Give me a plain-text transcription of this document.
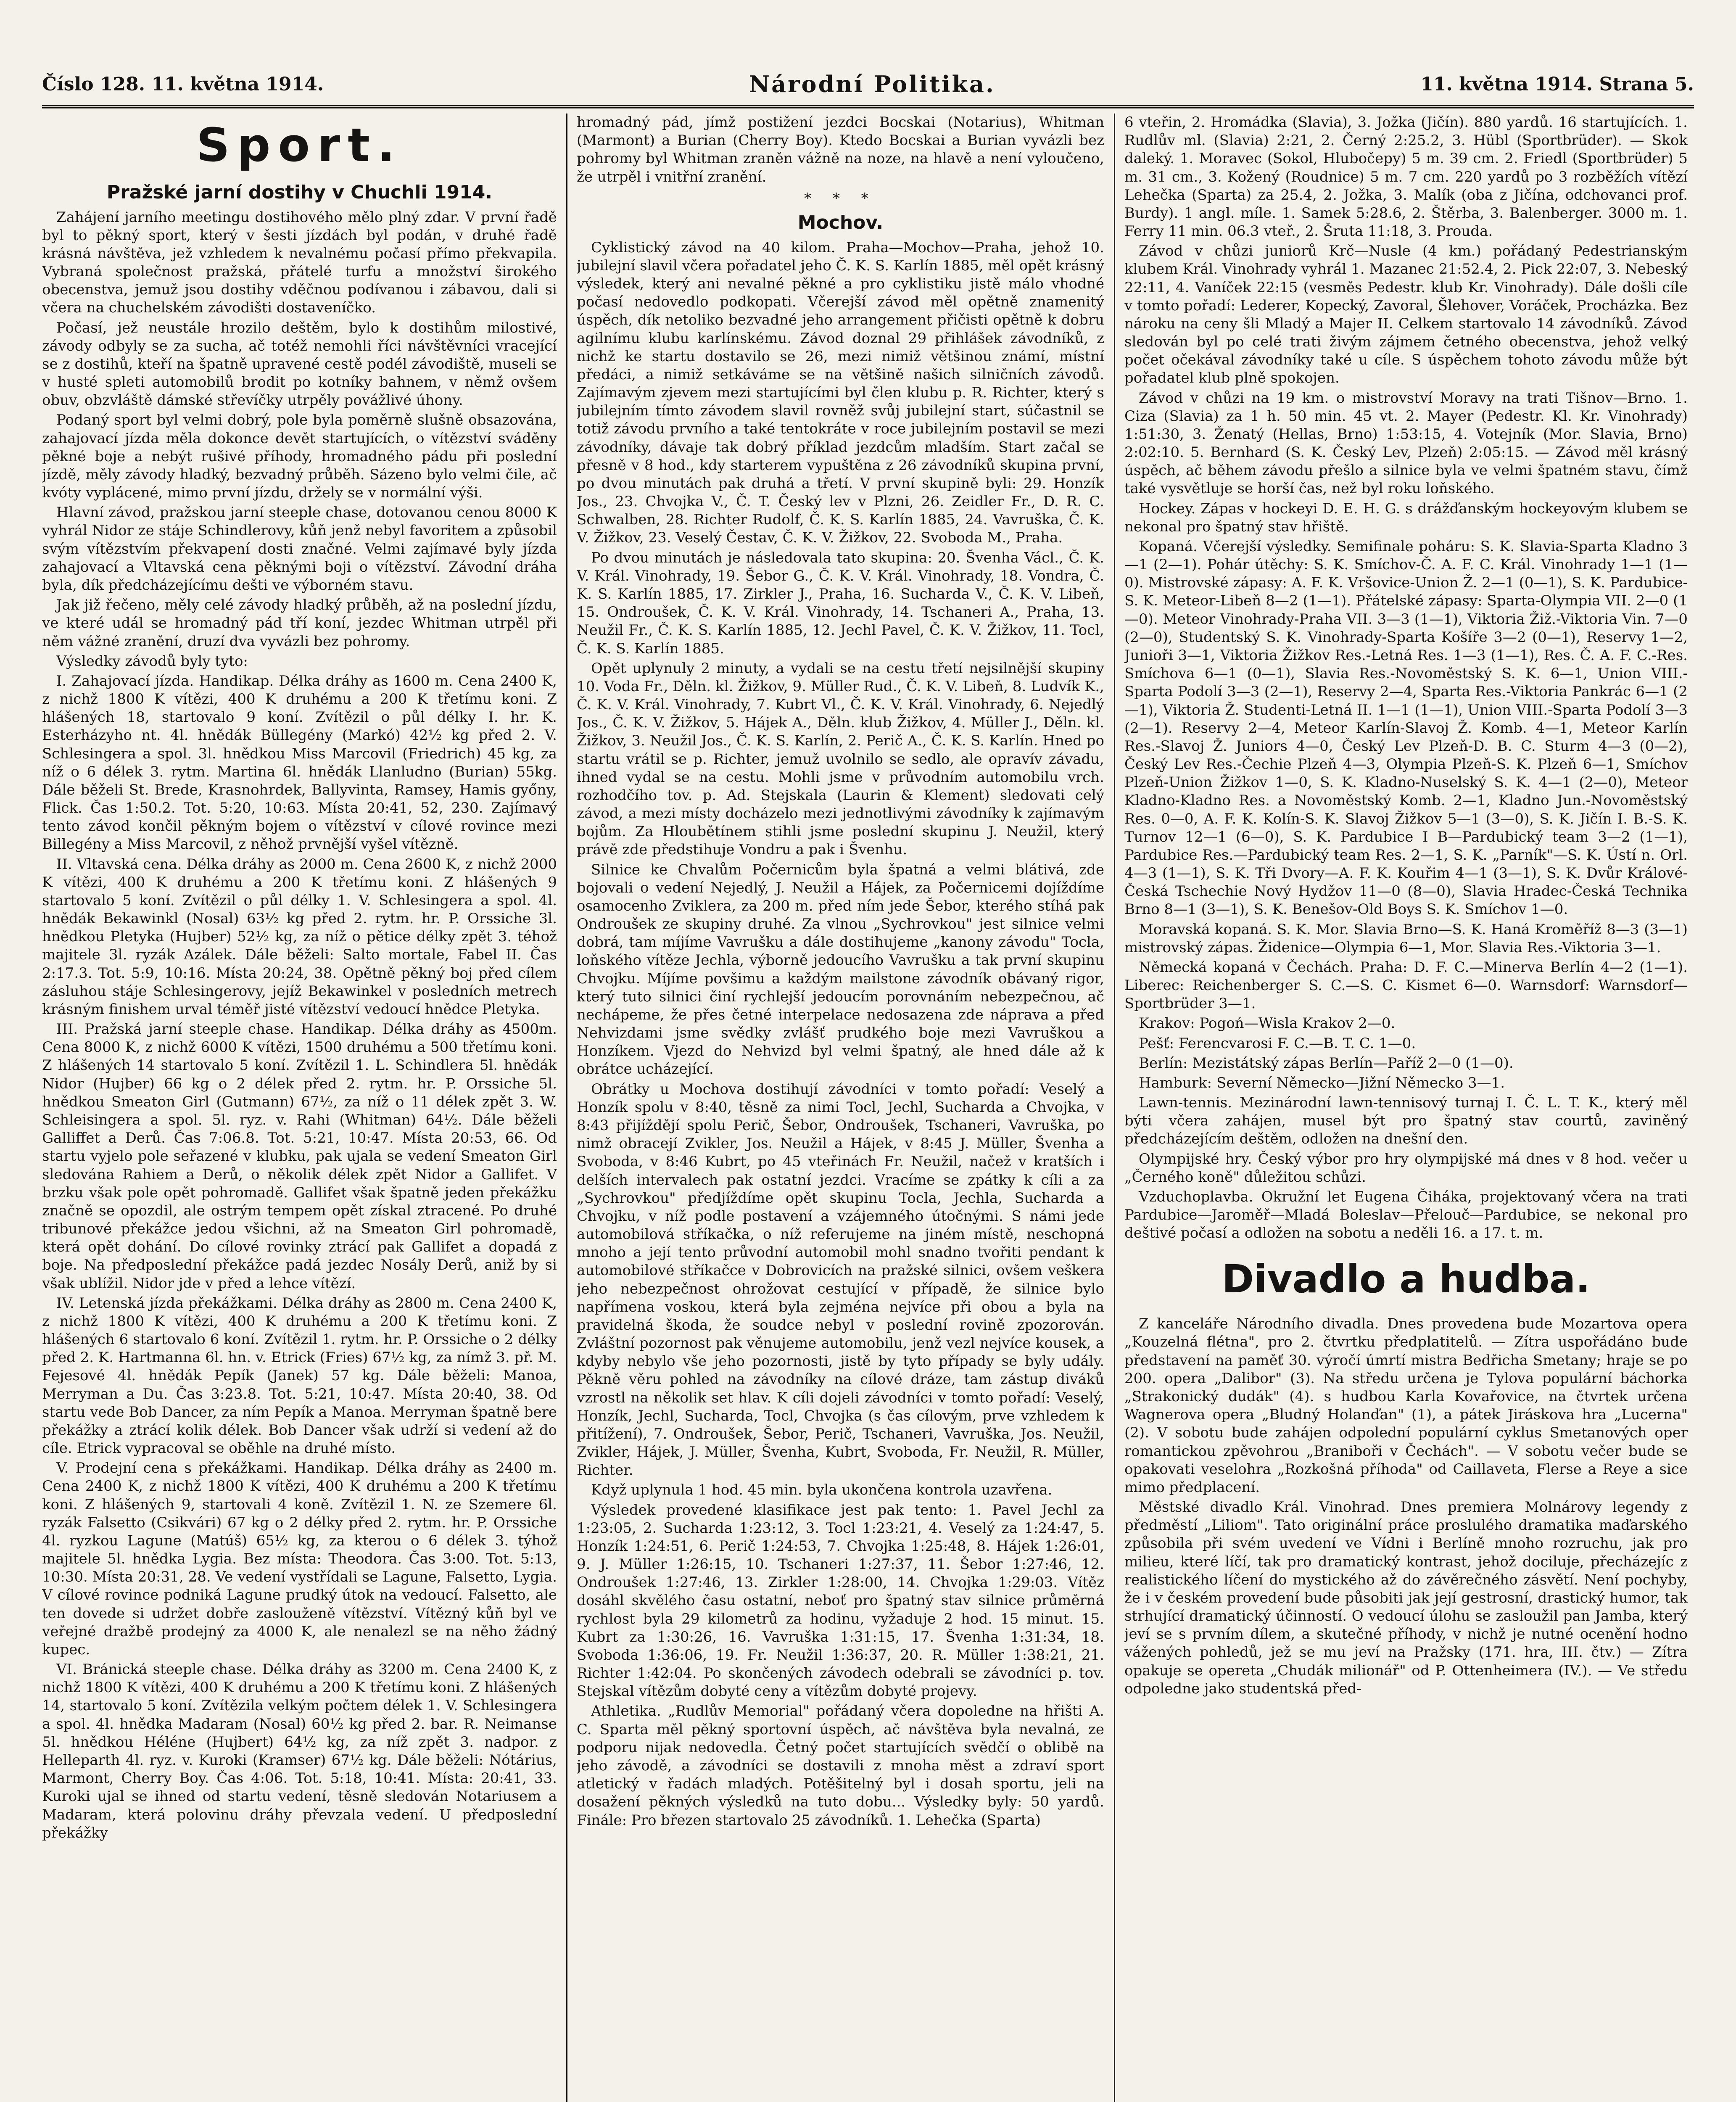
Číslo 128. 11. května 1914.	Národní Politika.	11. května 1914. Strana 5.
Sport.
Pražské jarní dostihy v Chuchli 1914.

Zahájení jarního meetingu dostihového mělo plný zdar. V první řadě byl to pěkný sport, který v šesti jízdách byl podán, v druhé řadě krásná návštěva, jež vzhledem k nevalnému počasí přímo překvapila. Vybraná společnost pražská, přátelé turfu a množství širokého obecenstva, jemuž jsou dostihy vděčnou podívanou i zábavou, dali si včera na chuchelském závodišti dostaveníčko.

Počasí, jež neustále hrozilo deštěm, bylo k dostihům milostivé, závody odbyly se za sucha, ač totéž nemohli říci návštěvníci vracející se z dostihů, kteří na špatně upravené cestě podél závodiště, museli se v husté spleti automobilů brodit po kotníky bahnem, v němž ovšem obuv, obzvláště dámské střevíčky utrpěly povážlivé úhony.

Podaný sport byl velmi dobrý, pole byla poměrně slušně obsazována, zahajovací jízda měla dokonce devět startujících, o vítězství sváděny pěkné boje a nebýt rušivé příhody, hromadného pádu při poslední jízdě, měly závody hladký, bezvadný průběh. Sázeno bylo velmi čile, ač kvóty vyplácené, mimo první jízdu, držely se v normální výši.

Hlavní závod, pražskou jarní steeple chase, dotovanou cenou 8000 K vyhrál Nidor ze stáje Schindlerovy, kůň jenž nebyl favoritem a způsobil svým vítězstvím překvapení dosti značné. Velmi zajímavé byly jízda zahajovací a Vltavská cena pěknými boji o vítězství. Závodní dráha byla, dík předcházejícímu dešti ve výborném stavu.

Jak již řečeno, měly celé závody hladký průběh, až na poslední jízdu, ve které udál se hromadný pád tří koní, jezdec Whitman utrpěl při něm vážné zranění, druzí dva vyvázli bez pohromy.

Výsledky závodů byly tyto:

I. Zahajovací jízda. Handikap. Délka dráhy as 1600 m. Cena 2400 K, z nichž 1800 K vítězi, 400 K druhému a 200 K třetímu koni. Z hlášených 18, startovalo 9 koní. Zvítězil o půl délky I. hr. K. Esterházyho nt. 4l. hnědák Büllegény (Markó) 42½ kg před 2. V. Schlesingera a spol. 3l. hnědkou Miss Marcovil (Friedrich) 45 kg, za níž o 6 délek 3. rytm. Martina 6l. hnědák Llanludno (Burian) 55kg. Dále běželi St. Brede, Krasnohrdek, Ballyvinta, Ramsey, Hamis győny, Flick. Čas 1:50.2. Tot. 5:20, 10:63. Místa 20:41, 52, 230. Zajímavý tento závod končil pěkným bojem o vítězství v cílové rovince mezi Billegény a Miss Marcovil, z něhož prvnější vyšel vítězně.

II. Vltavská cena. Délka dráhy as 2000 m. Cena 2600 K, z nichž 2000 K vítězi, 400 K druhému a 200 K třetímu koni. Z hlášených 9 startovalo 5 koní. Zvítězil o půl délky 1. V. Schlesingera a spol. 4l. hnědák Bekawinkl (Nosal) 63½ kg před 2. rytm. hr. P. Orssiche 3l. hnědkou Pletyka (Hujber) 52½ kg, za níž o pětice délky zpět 3. téhož majitele 3l. ryzák Azálek. Dále běželi: Salto mortale, Fabel II. Čas 2:17.3. Tot. 5:9, 10:16. Místa 20:24, 38. Opětně pěkný boj před cílem zásluhou stáje Schlesingerovy, jejíž Bekawinkel v posledních metrech krásným finishem urval téměř jisté vítězství vedoucí hnědce Pletyka.

III. Pražská jarní steeple chase. Handikap. Délka dráhy as 4500m. Cena 8000 K, z nichž 6000 K vítězi, 1500 druhému a 500 třetímu koni. Z hlášených 14 startovalo 5 koní. Zvítězil 1. L. Schindlera 5l. hnědák Nidor (Hujber) 66 kg o 2 délek před 2. rytm. hr. P. Orssiche 5l. hnědkou Smeaton Girl (Gutmann) 67½, za níž o 11 délek zpět 3. W. Schleisingera a spol. 5l. ryz. v. Rahi (Whitman) 64½. Dále běželi Galliffet a Derů. Čas 7:06.8. Tot. 5:21, 10:47. Místa 20:53, 66. Od startu vyjelo pole seřazené v klubku, pak ujala se vedení Smeaton Girl sledována Rahiem a Derů, o několik délek zpět Nidor a Gallifet. V brzku však pole opět pohromadě. Gallifet však špatně jeden překážku značně se opozdil, ale ostrým tempem opět získal ztracené. Po druhé tribunové překážce jedou všichni, až na Smeaton Girl pohromadě, která opět dohání. Do cílové rovinky ztrácí pak Gallifet a dopadá z boje. Na předposlední překážce padá jezdec Nosály Derů, aniž by si však ublížil. Nidor jde v před a lehce vítězí.

IV. Letenská jízda překážkami. Délka dráhy as 2800 m. Cena 2400 K, z nichž 1800 K vítězi, 400 K druhému a 200 K třetímu koni. Z hlášených 6 startovalo 6 koní. Zvítězil 1. rytm. hr. P. Orssiche o 2 délky před 2. K. Hartmanna 6l. hn. v. Etrick (Fries) 67½ kg, za nímž 3. př. M. Fejesové 4l. hnědák Pepík (Janek) 57 kg. Dále běželi: Manoa, Merryman a Du. Čas 3:23.8. Tot. 5:21, 10:47. Místa 20:40, 38. Od startu vede Bob Dancer, za ním Pepík a Manoa. Merryman špatně bere překážky a ztrácí kolik délek. Bob Dancer však udrží si vedení až do cíle. Etrick vypracoval se oběhle na druhé místo.

V. Prodejní cena s překážkami. Handikap. Délka dráhy as 2400 m. Cena 2400 K, z nichž 1800 K vítězi, 400 K druhému a 200 K třetímu koni. Z hlášených 9, startovali 4 koně. Zvítězil 1. N. ze Szemere 6l. ryzák Falsetto (Csikvári) 67 kg o 2 délky před 2. rytm. hr. P. Orssiche 4l. ryzkou Lagune (Matúš) 65½ kg, za kterou o 6 délek 3. týhož majitele 5l. hnědka Lygia. Bez místa: Theodora. Čas 3:00. Tot. 5:13, 10:30. Místa 20:31, 28. Ve vedení vystřídali se Lagune, Falsetto, Lygia. V cílové rovince podniká Lagune prudký útok na vedoucí. Falsetto, ale ten dovede si udržet dobře zaslouženě vítězství. Vítězný kůň byl ve veřejné dražbě prodejný za 4000 K, ale nenalezl se na něho žádný kupec.

VI. Bránická steeple chase. Délka dráhy as 3200 m. Cena 2400 K, z nichž 1800 K vítězi, 400 K druhému a 200 K třetímu koni. Z hlášených 14, startovalo 5 koní. Zvítězila velkým počtem délek 1. V. Schlesingera a spol. 4l. hnědka Madaram (Nosal) 60½ kg před 2. bar. R. Neimanse 5l. hnědkou Héléne (Hujbert) 64½ kg, za níž zpět 3. nadpor. z Helleparth 4l. ryz. v. Kuroki (Kramser) 67½ kg. Dále běželi: Nótárius, Marmont, Cherry Boy. Čas 4:06. Tot. 5:18, 10:41. Místa: 20:41, 33. Kuroki ujal se ihned od startu vedení, těsně sledován Notariusem a Madaram, která polovinu dráhy převzala vedení. U předposlední překážky

hromadný pád, jímž postižení jezdci Bocskai (Notarius), Whitman (Marmont) a Burian (Cherry Boy). Ktedo Bocskai a Burian vyvázli bez pohromy byl Whitman zraněn vážně na noze, na hlavě a není vyloučeno, že utrpěl i vnitřní zranění.

* * *
Mochov.

Cyklistický závod na 40 kilom. Praha—Mochov—Praha, jehož 10. jubilejní slavil včera pořadatel jeho Č. K. S. Karlín 1885, měl opět krásný výsledek, který ani nevalné pěkné a pro cyklistiku jistě málo vhodné počasí nedovedlo podkopati. Včerejší závod měl opětně znamenitý úspěch, dík netoliko bezvadné jeho arrangement přičisti opětně k dobru agilnímu klubu karlínskému. Závod doznal 29 přihlášek závodníků, z nichž ke startu dostavilo se 26, mezi nimiž většinou známí, místní předáci, a nimiž setkáváme se na většině našich silničních závodů. Zajímavým zjevem mezi startujícími byl člen klubu p. R. Richter, který s jubilejním tímto závodem slavil rovněž svůj jubilejní start, súčastnil se totiž závodu prvního a také tentokráte v roce jubilejním postavil se mezi závodníky, dávaje tak dobrý příklad jezdcům mladším. Start začal se přesně v 8 hod., kdy starterem vypuštěna z 26 závodníků skupina první, po dvou minutách pak druhá a třetí. V první skupině byli: 29. Honzík Jos., 23. Chvojka V., Č. T. Český lev v Plzni, 26. Zeidler Fr., D. R. C. Schwalben, 28. Richter Rudolf, Č. K. S. Karlín 1885, 24. Vavruška, Č. K. V. Žižkov, 23. Veselý Čestav, Č. K. V. Žižkov, 22. Svoboda M., Praha.

Po dvou minutách je následovala tato skupina: 20. Švenha Václ., Č. K. V. Král. Vinohrady, 19. Šebor G., Č. K. V. Král. Vinohrady, 18. Vondra, Č. K. S. Karlín 1885, 17. Zirkler J., Praha, 16. Suchardа V., Č. K. V. Libeň, 15. Ondroušek, Č. K. V. Král. Vinohrady, 14. Tschaneri A., Praha, 13. Neužil Fr., Č. K. S. Karlín 1885, 12. Jechl Pavel, Č. K. V. Žižkov, 11. Tocl, Č. K. S. Karlín 1885.

Opět uplynuly 2 minuty, a vydali se na cestu třetí nejsilnější skupiny 10. Voda Fr., Děln. kl. Žižkov, 9. Müller Rud., Č. K. V. Libeň, 8. Ludvík K., Č. K. V. Král. Vinohrady, 7. Kubrt Vl., Č. K. V. Král. Vinohrady, 6. Nejedlý Jos., Č. K. V. Žižkov, 5. Hájek A., Děln. klub Žižkov, 4. Müller J., Děln. kl. Žižkov, 3. Neužil Jos., Č. K. S. Karlín, 2. Perič A., Č. K. S. Karlín. Hned po startu vrátil se p. Richter, jemuž uvolnilo se sedlo, ale opravív závadu, ihned vydal se na cestu. Mohli jsme v průvodním automobilu vrch. rozhodčího tov. p. Ad. Stejskala (Laurin & Klement) sledovati celý závod, a mezi místy docházelo mezi jednotlivými závodníky k zajímavým bojům. Za Hloubětínem stihli jsme poslední skupinu J. Neužil, který právě zde předstihuje Vondru a pak i Švenhu.

Silnice ke Chvalům Počernicům byla špatná a velmi blátivá, zde bojovali o vedení Nejedlý, J. Neužil a Hájek, za Počernicemi dojíždíme osamocenho Zviklera, za 200 m. před ním jede Šebor, kterého stíhá pak Ondroušek ze skupiny druhé. Za vlnou „Sychrovkou" jest silnice velmi dobrá, tam míjíme Vavrušku a dále dostihujeme „kanony závodu" Tocla, loňského vítěze Jechla, výborně jedoucího Vavrušku a tak první skupinu Chvojku. Míjíme povšimu a každým mailstone závodník obávaný rigor, který tuto silnici činí rychlejší jedoucím porovnáním nebezpečnou, ač nechápeme, že přes četné interpelace nedosazena zde náprava a před Nehvizdami jsme svědky zvlášť prudkého boje mezi Vavruškou a Honzíkem. Vjezd do Nehvizd byl velmi špatný, ale hned dále až k obrátce ucházející.

Obrátky u Mochova dostihují závodníci v tomto pořadí: Veselý a Honzík spolu v 8:40, těsně za nimi Tocl, Jechl, Sucharda a Chvojka, v 8:43 přijíždějí spolu Perič, Šebor, Ondroušek, Tschaneri, Vavruška, po nimž obracejí Zvikler, Jos. Neužil a Hájek, v 8:45 J. Müller, Švenha a Svoboda, v 8:46 Kubrt, po 45 vteřinách Fr. Neužil, načež v kratších i delších intervalech pak ostatní jezdci. Vracíme se zpátky k cíli a za „Sychrovkou" předjíždíme opět skupinu Tocla, Jechla, Sucharda a Chvojku, v níž podle postavení a vzájemného útočnými. S námi jede automobilová stříkačka, o níž referujeme na jiném místě, neschopná mnoho a její tento průvodní automobil mohl snadno tvořiti pendant k automobilové stříkačce v Dobrovicích na pražské silnici, ovšem veškera jeho nebezpečnost ohrožovat cestující v případě, že silnice bylo napřímena voskou, která byla zejména nejvíce při obou a byla na pravidelná škoda, že soudce nebyl v poslední rovině zpozorován. Zvláštní pozornost pak věnujeme automobilu, jenž vezl nejvíce kousek, a kdyby nebylo vše jeho pozornosti, jistě by tyto případy se byly udály. Pěkně věru pohled na závodníky na cílové dráze, tam zástup diváků vzrostl na několik set hlav. K cíli dojeli závodníci v tomto pořadí: Veselý, Honzík, Jechl, Sucharda, Tocl, Chvojka (s čas cílovým, prve vzhledem k přitížení), 7. Ondroušek, Šebor, Perič, Tschaneri, Vavruška, Jos. Neužil, Zvikler, Hájek, J. Müller, Švenha, Kubrt, Svoboda, Fr. Neužil, R. Müller, Richter.

Když uplynula 1 hod. 45 min. byla ukončena kontrola uzavřena.

Výsledek provedené klasifikace jest pak tento: 1. Pavel Jechl za 1:23:05, 2. Sucharda 1:23:12, 3. Tocl 1:23:21, 4. Veselý za 1:24:47, 5. Honzík 1:24:51, 6. Perič 1:24:53, 7. Chvojka 1:25:48, 8. Hájek 1:26:01, 9. J. Müller 1:26:15, 10. Tschaneri 1:27:37, 11. Šebor 1:27:46, 12. Ondroušek 1:27:46, 13. Zirkler 1:28:00, 14. Chvojka 1:29:03. Vítěz dosáhl skvělého času ostatní, neboť pro špatný stav silnice průměrná rychlost byla 29 kilometrů za hodinu, vyžaduje 2 hod. 15 minut. 15. Kubrt za 1:30:26, 16. Vavruška 1:31:15, 17. Švenha 1:31:34, 18. Svoboda 1:36:06, 19. Fr. Neužil 1:36:37, 20. R. Müller 1:38:21, 21. Richter 1:42:04. Po skončených závodech odebrali se závodníci p. tov. Stejskal vítězům dobyté ceny a vítězům dobyté projevy.

Athletika. „Rudlův Memorial" pořádaný včera dopoledne na hřišti A. C. Sparta měl pěkný sportovní úspěch, ač návštěva byla nevalná, ze podporu nijak nedovedla. Četný počet startujících svědčí o oblibě na jeho závodě, a závodníci se dostavili z mnoha měst a zdraví sport atletický v řadách mladých. Potěšitelný byl i dosah sportu, jeli na dosažení pěkných výsledků na tuto dobu... Výsledky byly: 50 yardů. Finále: Pro březen startovalo 25 závodníků. 1. Lehečka (Sparta)

6 vteřin, 2. Hromádka (Slavia), 3. Jožka (Jičín). 880 yardů. 16 startujících. 1. Rudlův ml. (Slavia) 2:21, 2. Černý 2:25.2, 3. Hübl (Sportbrüder). — Skok daleký. 1. Moravec (Sokol, Hlubočepy) 5 m. 39 cm. 2. Friedl (Sportbrüder) 5 m. 31 cm., 3. Kožený (Roudnice) 5 m. 7 cm. 220 yardů po 3 rozběžích vítězí Lehečka (Sparta) za 25.4, 2. Jožka, 3. Malík (oba z Jičína, odchovanci prof. Burdy). 1 angl. míle. 1. Samek 5:28.6, 2. Štěrba, 3. Balenberger. 3000 m. 1. Ferry 11 min. 06.3 vteř., 2. Šruta 11:18, 3. Prouda.

Závod v chůzi juniorů Krč—Nusle (4 km.) pořádaný Pedestrianským klubem Král. Vinohrady vyhrál 1. Mazanec 21:52.4, 2. Pick 22:07, 3. Nebeský 22:11, 4. Vaníček 22:15 (vesměs Pedestr. klub Kr. Vinohrady). Dále došli cíle v tomto pořadí: Lederer, Kopecký, Zavoral, Šlehover, Voráček, Procházka. Bez nároku na ceny šli Mladý a Majer II. Celkem startovalo 14 závodníků. Závod sledován byl po celé trati živým zájmem četného obecenstva, jehož velký počet očekával závodníky také u cíle. S úspěchem tohoto závodu může být pořadatel klub plně spokojen.

Závod v chůzi na 19 km. o mistrovství Moravy na trati Tišnov—Brno. 1. Ciza (Slavia) za 1 h. 50 min. 45 vt. 2. Mayer (Pedestr. Kl. Kr. Vinohrady) 1:51:30, 3. Ženatý (Hellas, Brno) 1:53:15, 4. Votejník (Mor. Slavia, Brno) 2:02:10. 5. Bernhard (S. K. Český Lev, Plzeň) 2:05:15. — Závod měl krásný úspěch, ač během závodu přešlo a silnice byla ve velmi špatném stavu, čímž také vysvětluje se horší čas, než byl roku loňského.

Hockey. Zápas v hockeyi D. E. H. G. s drážďanským hockeyovým klubem se nekonal pro špatný stav hřiště.

Kopaná. Včerejší výsledky. Semifinale poháru: S. K. Slavia-Sparta Kladno 3—1 (2—1). Pohár útěchy: S. K. Smíchov-Č. A. F. C. Král. Vinohrady 1—1 (1—0). Mistrovské zápasy: A. F. K. Vršovice-Union Ž. 2—1 (0—1), S. K. Pardubice-S. K. Meteor-Libeň 8—2 (1—1). Přátelské zápasy: Sparta-Olympia VII. 2—0 (1—0). Meteor Vinohrady-Praha VII. 3—3 (1—1), Viktoria Žiž.-Viktoria Vin. 7—0 (2—0), Studentský S. K. Vinohrady-Sparta Košíře 3—2 (0—1), Reservy 1—2, Junioři 3—1, Viktoria Žižkov Res.-Letná Res. 1—3 (1—1), Res. Č. A. F. C.-Res. Smíchova 6—1 (0—1), Slavia Res.-Novoměstský S. K. 6—1, Union VIII.-Sparta Podolí 3—3 (2—1), Reservy 2—4, Sparta Res.-Viktoria Pankrác 6—1 (2—1), Viktoria Ž. Studenti-Letná II. 1—1 (1—1), Union VIII.-Sparta Podolí 3—3 (2—1). Reservy 2—4, Meteor Karlín-Slavoj Ž. Komb. 4—1, Meteor Karlín Res.-Slavoj Ž. Juniors 4—0, Český Lev Plzeň-D. B. C. Sturm 4—3 (0—2), Český Lev Res.-Čechie Plzeň 4—3, Olympia Plzeň-S. K. Plzeň 6—1, Smíchov Plzeň-Union Žižkov 1—0, S. K. Kladno-Nuselský S. K. 4—1 (2—0), Meteor Kladno-Kladno Res. a Novoměstský Komb. 2—1, Kladno Jun.-Novoměstský Res. 0—0, A. F. K. Kolín-S. K. Slavoj Žižkov 5—1 (3—0), S. K. Jičín I. B.-S. K. Turnov 12—1 (6—0), S. K. Pardubice I B—Pardubický team 3—2 (1—1), Pardubice Res.—Pardubický team Res. 2—1, S. K. „Parník"—S. K. Ústí n. Orl. 4—3 (1—1), S. K. Tři Dvory—A. F. K. Kouřim 4—1 (3—1), S. K. Dvůr Králové-Česká Tschechie Nový Hydžov 11—0 (8—0), Slavia Hradec-Česká Technika Brno 8—1 (3—1), S. K. Benešov-Old Boys S. K. Smíchov 1—0.

Moravská kopaná. S. K. Mor. Slavia Brno—S. K. Haná Kroměříž 8—3 (3—1) mistrovský zápas. Židenice—Olympia 6—1, Mor. Slavia Res.-Viktoria 3—1.

Německá kopaná v Čechách. Praha: D. F. C.—Minerva Berlín 4—2 (1—1). Liberec: Reichenberger S. C.—S. C. Kismet 6—0. Warnsdorf: Warnsdorf—Sportbrüder 3—1.

Krakov: Pogoń—Wisla Krakov 2—0.

Pešť: Ferencvarosi F. C.—B. T. C. 1—0.

Berlín: Mezistátský zápas Berlín—Paříž 2—0 (1—0).

Hamburk: Severní Německo—Jižní Německo 3—1.

Lawn-tennis. Mezinárodní lawn-tennisový turnaj I. Č. L. T. K., který měl býti včera zahájen, musel být pro špatný stav courtů, zaviněný předcházejícím deštěm, odložen na dnešní den.

Olympijské hry. Český výbor pro hry olympijské má dnes v 8 hod. večer u „Černého koně" důležitou schůzi.

Vzduchoplavba. Okružní let Eugena Čiháka, projektovaný včera na trati Pardubice—Jaroměř—Mladá Boleslav—Přelouč—Pardubice, se nekonal pro deštivé počasí a odložen na sobotu a neděli 16. a 17. t. m.

Divadlo a hudba.

Z kanceláře Národního divadla. Dnes provedena bude Mozartova opera „Kouzelná flétna", pro 2. čtvrtku předplatitelů. — Zítra uspořádáno bude představení na paměť 30. výročí úmrtí mistra Bedřicha Smetany; hraje se po 200. opera „Dalibor" (3). Na středu určena je Tylova populární báchorka „Strakonický dudák" (4). s hudbou Karla Kovařovice, na čtvrtek určena Wagnerova opera „Bludný Holanďan" (1), a pátek Jiráskova hra „Lucerna" (2). V sobotu bude zahájen odpolední populární cyklus Smetanových oper romantickou zpěvohrou „Braniboři v Čechách". — V sobotu večer bude se opakovati veselohra „Rozkošná příhoda" od Caillaveta, Flerse a Reye a sice mimo předplacení.

Městské divadlo Král. Vinohrad. Dnes premiera Molnárovy legendy z předměstí „Liliom". Tato originální práce proslulého dramatika maďarského způsobila při svém uvedení ve Vídni i Berlíně mnoho rozruchu, jak pro milieu, které líčí, tak pro dramatický kontrast, jehož dociluje, přecházejíc z realistického líčení do mystického až do závěrečného zásvětí. Není pochyby, že i v českém provedení bude působiti jak její gestrosní, drastický humor, tak strhující dramatický účinností. O vedoucí úlohu se zasloužil pan Jamba, který jeví se s prvním dílem, a skutečné příhody, v nichž je nutné ocenění hodno vážených pohledů, jež se mu jeví na Pražsky (171. hra, III. čtv.) — Zítra opakuje se opereta „Chudák milionář" od P. Ottenheimera (IV.). — Ve středu odpoledne jako studentská před-
